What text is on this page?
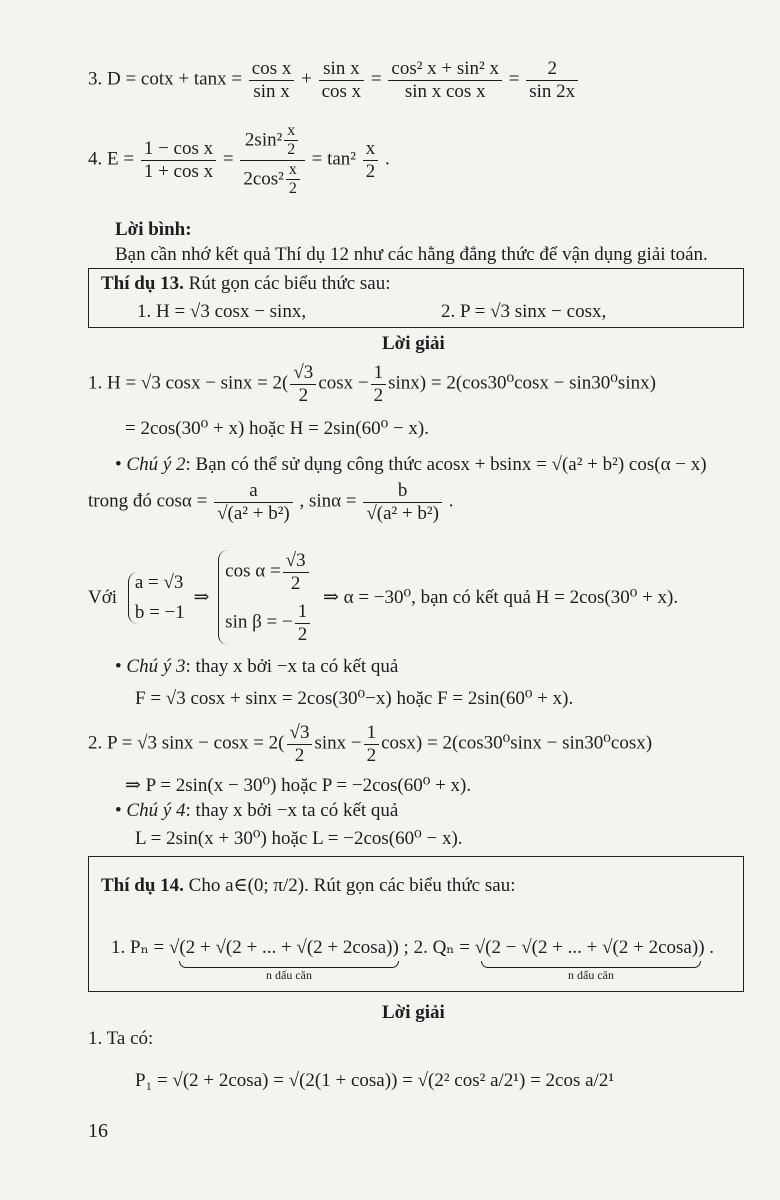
3. $D = \cot x + \tan x = \frac{\text{cos x}}{\text{sin x}} + \frac{\text{sin x}}{\text{cos x}} = \frac{\text{cos² x + sin² x}}{\text{sin x cos x}} = \frac{2}{\sin 2x}$
4. $E = \frac{\text{1 − cos x}}{\text{1 + cos x}} = \frac{2\sin^2 \frac{x}{2}}{2\cos^2 \frac{x}{2}} = \tan^2 \frac{x}{2}$ .
Lời bình:
Bạn cần nhớ kết quả Thí dụ 12 như các hằng đẳng thức để vận dụng giải toán.
Thí dụ 13. Rút gọn các biểu thức sau:
1. H = √3 cosx − sinx,	2. P = √3 sinx − cosx,
Lời giải
1. H = √3 $\cos x - \sin x = 2( \frac{√3}{2}$ $\cos x - \frac{1}{2} \sin x) = 2(\cos 30^0\cos x - \sin 30^0\sin x)$
= 2cos(30⁰ + x) hoặc H = 2sin(60⁰ − x).
• Chú ý 2: Bạn có thể sử dụng công thức acosx + bsinx = √(a² + b²) cos(α − x)
trong đó $\cos\alpha = \frac{a}{\text{√(a² + b²)}}$ , $\sin\alpha = \frac{b}{\text{√(a² + b²)}}$ .
Với
a = √3
b = −1
⇒
$\cos \alpha = \frac{√3}{2}$
sin β = − $\frac{1}{2}$
⇒ α = −30⁰, bạn có kết quả H = 2cos(30⁰ + x).
• Chú ý 3: thay x bởi −x ta có kết quả
F = √3 cosx + sinx = 2cos(30⁰−x) hoặc F = 2sin(60⁰ + x).
2. P = √3 $\sin x - \cos x = 2( \frac{√3}{2}$ $\sin x - \frac{1}{2} \cos x) = 2(\cos 30^0\sin x - \sin 30^0\cos x)$
⇒ P = 2sin(x − 30⁰) hoặc P = −2cos(60⁰ + x).
• Chú ý 4: thay x bởi −x ta có kết quả
L = 2sin(x + 30⁰) hoặc L = −2cos(60⁰ − x).
Thí dụ 14. Cho a∈(0; π/2). Rút gọn các biểu thức sau:
1. Pₙ = √(2 + √(2 + ... + √(2 + 2cosa)) ; 2. Qₙ = √(2 − √(2 + ... + √(2 + 2cosa)) .
n dấu căn	n dấu căn
Lời giải
1. Ta có:
P₁ = √(2 + 2cosa) = √(2(1 + cosa)) = √(2² cos² a/2¹) = 2cos a/2¹
16
